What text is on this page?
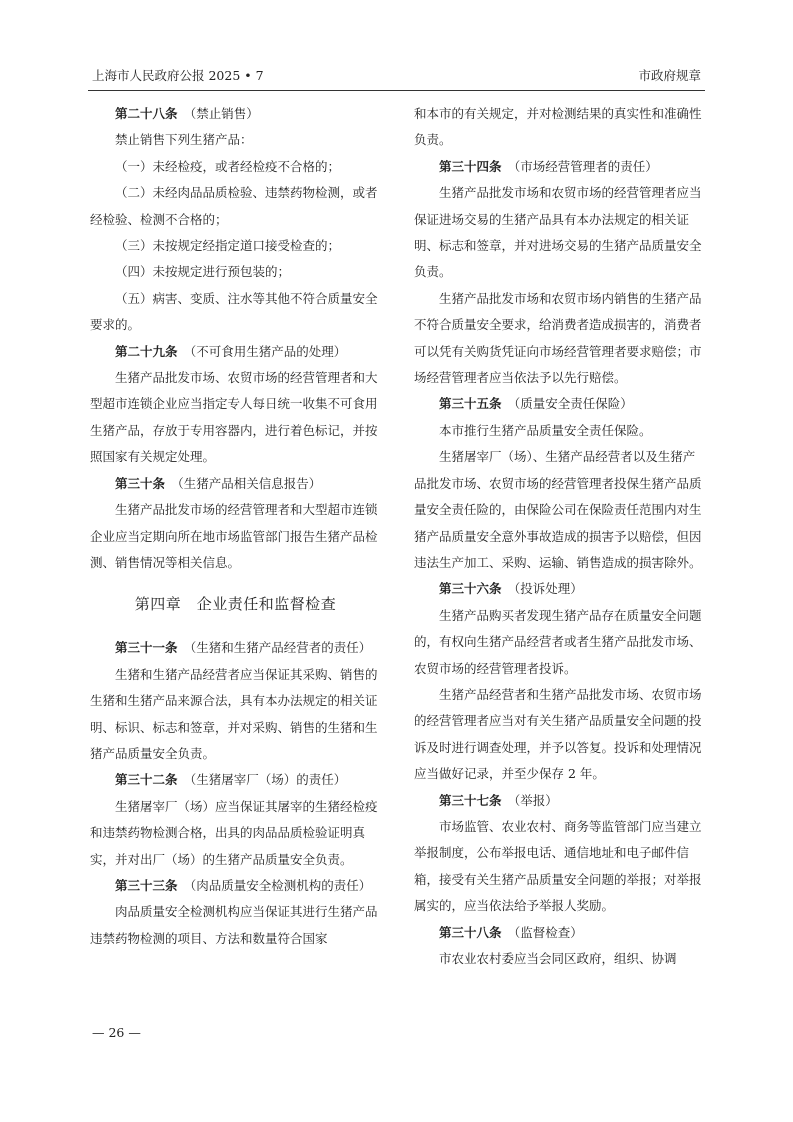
上海市人民政府公报 2025 • 7	市政府规章

第二十八条　 （禁止销售）

禁止销售下列生猪产品：

（一）未经检疫，或者经检疫不合格的；

（二）未经肉品品质检验、违禁药物检测，或者经检验、检测不合格的；

（三）未按规定经指定道口接受检查的；

（四）未按规定进行预包装的；

（五）病害、变质、注水等其他不符合质量安全要求的。

第二十九条　 （不可食用生猪产品的处理）

生猪产品批发市场、农贸市场的经营管理者和大型超市连锁企业应当指定专人每日统一收集不可食用生猪产品，存放于专用容器内，进行着色标记，并按照国家有关规定处理。

第三十条　 （生猪产品相关信息报告）

生猪产品批发市场的经营管理者和大型超市连锁企业应当定期向所在地市场监管部门报告生猪产品检测、销售情况等相关信息。

第四章　企业责任和监督检查

第三十一条　 （生猪和生猪产品经营者的责任）

生猪和生猪产品经营者应当保证其采购、销售的生猪和生猪产品来源合法，具有本办法规定的相关证明、标识、标志和签章，并对采购、销售的生猪和生猪产品质量安全负责。

第三十二条　 （生猪屠宰厂（场）的责任）

生猪屠宰厂（场）应当保证其屠宰的生猪经检疫和违禁药物检测合格，出具的肉品品质检验证明真实，并对出厂（场）的生猪产品质量安全负责。

第三十三条　 （肉品质量安全检测机构的责任）

肉品质量安全检测机构应当保证其进行生猪产品违禁药物检测的项目、方法和数量符合国家

和本市的有关规定，并对检测结果的真实性和准确性负责。

第三十四条　 （市场经营管理者的责任）

生猪产品批发市场和农贸市场的经营管理者应当保证进场交易的生猪产品具有本办法规定的相关证明、标志和签章，并对进场交易的生猪产品质量安全负责。

生猪产品批发市场和农贸市场内销售的生猪产品不符合质量安全要求，给消费者造成损害的，消费者可以凭有关购货凭证向市场经营管理者要求赔偿；市场经营管理者应当依法予以先行赔偿。

第三十五条　 （质量安全责任保险）

本市推行生猪产品质量安全责任保险。

生猪屠宰厂（场）、生猪产品经营者以及生猪产品批发市场、农贸市场的经营管理者投保生猪产品质量安全责任险的，由保险公司在保险责任范围内对生猪产品质量安全意外事故造成的损害予以赔偿，但因违法生产加工、采购、运输、销售造成的损害除外。

第三十六条　 （投诉处理）

生猪产品购买者发现生猪产品存在质量安全问题的，有权向生猪产品经营者或者生猪产品批发市场、农贸市场的经营管理者投诉。

生猪产品经营者和生猪产品批发市场、农贸市场的经营管理者应当对有关生猪产品质量安全问题的投诉及时进行调查处理，并予以答复。投诉和处理情况应当做好记录，并至少保存 2 年。

第三十七条　 （举报）

市场监管、农业农村、商务等监管部门应当建立举报制度，公布举报电话、通信地址和电子邮件信箱，接受有关生猪产品质量安全问题的举报；对举报属实的，应当依法给予举报人奖励。

第三十八条　 （监督检查）

市农业农村委应当会同区政府，组织、协调

— 26 —
